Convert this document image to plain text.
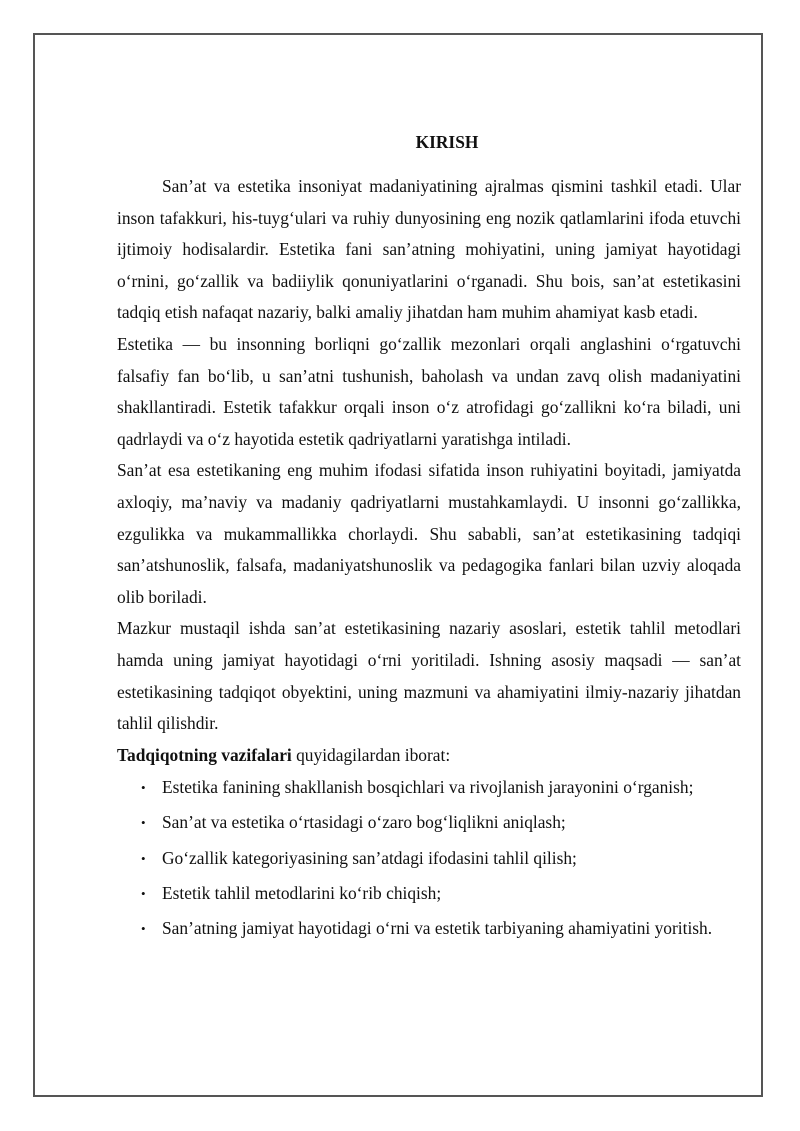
KIRISH

San’at va estetika insoniyat madaniyatining ajralmas qismini tashkil etadi. Ular inson tafakkuri, his-tuyg‘ulari va ruhiy dunyosining eng nozik qatlamlarini ifoda etuvchi ijtimoiy hodisalardir. Estetika fani san’atning mohiyatini, uning jamiyat hayotidagi o‘rnini, go‘zallik va badiiylik qonuniyatlarini o‘rganadi. Shu bois, san’at estetikasini tadqiq etish nafaqat nazariy, balki amaliy jihatdan ham muhim ahamiyat kasb etadi.

Estetika — bu insonning borliqni go‘zallik mezonlari orqali anglashini o‘rgatuvchi falsafiy fan bo‘lib, u san’atni tushunish, baholash va undan zavq olish madaniyatini shakllantiradi. Estetik tafakkur orqali inson o‘z atrofidagi go‘zallikni ko‘ra biladi, uni qadrlaydi va o‘z hayotida estetik qadriyatlarni yaratishga intiladi.

San’at esa estetikaning eng muhim ifodasi sifatida inson ruhiyatini boyitadi, jamiyatda axloqiy, ma’naviy va madaniy qadriyatlarni mustahkamlaydi. U insonni go‘zallikka, ezgulikka va mukammallikka chorlaydi. Shu sababli, san’at estetikasining tadqiqi san’atshunoslik, falsafa, madaniyatshunoslik va pedagogika fanlari bilan uzviy aloqada olib boriladi.

Mazkur mustaqil ishda san’at estetikasining nazariy asoslari, estetik tahlil metodlari hamda uning jamiyat hayotidagi o‘rni yoritiladi. Ishning asosiy maqsadi — san’at estetikasining tadqiqot obyektini, uning mazmuni va ahamiyatini ilmiy-nazariy jihatdan tahlil qilishdir.

Tadqiqotning vazifalari quyidagilardan iborat:

• Estetika fanining shakllanish bosqichlari va rivojlanish jarayonini o‘rganish;
• San’at va estetika o‘rtasidagi o‘zaro bog‘liqlikni aniqlash;
• Go‘zallik kategoriyasining san’atdagi ifodasini tahlil qilish;
• Estetik tahlil metodlarini ko‘rib chiqish;
• San’atning jamiyat hayotidagi o‘rni va estetik tarbiyaning ahamiyatini yoritish.
